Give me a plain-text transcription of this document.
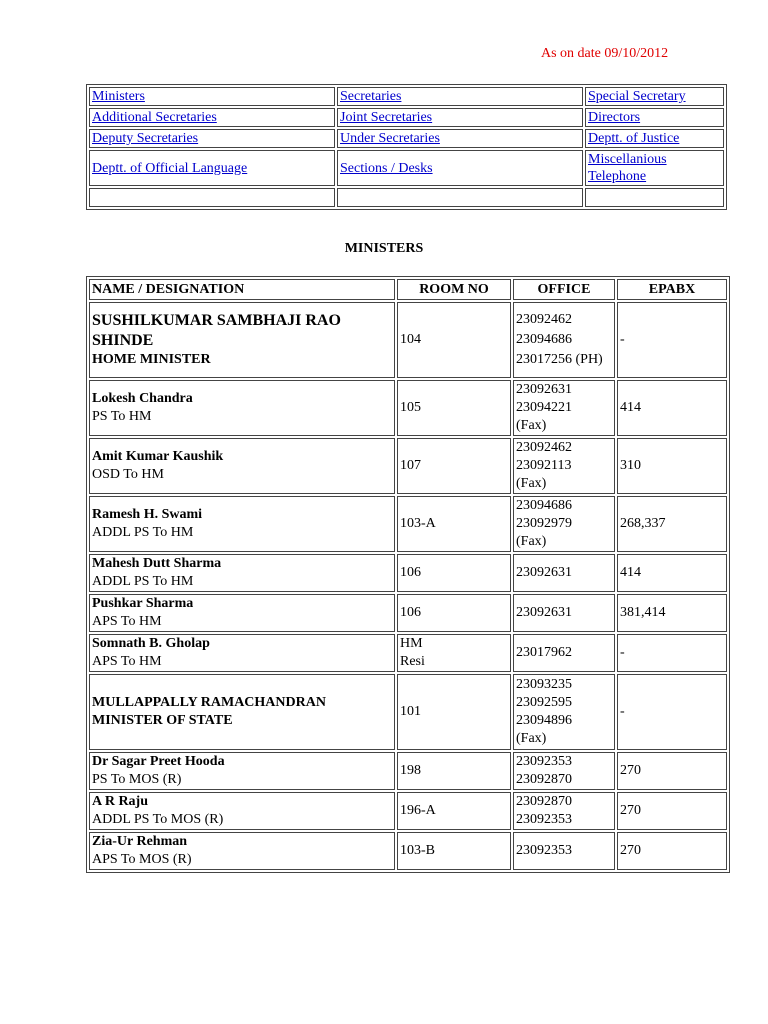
As on date 09/10/2012
Ministers	Secretaries	Special Secretary
Additional Secretaries	Joint Secretaries	Directors
Deputy Secretaries	Under Secretaries	Deptt. of Justice
Deptt. of Official Language	Sections / Desks	Miscellanious Telephone

MINISTERS
NAME / DESIGNATION	ROOM NO	OFFICE	EPABX

SUSHILKUMAR SAMBHAJI RAO SHINDE
HOME MINISTER	104	23092462
23094686
23017256 (PH)	-

Lokesh Chandra
PS To HM	105	23092631
23094221
(Fax)	414

Amit Kumar Kaushik
OSD To HM	107	23092462
23092113
(Fax)	310

Ramesh H. Swami
ADDL PS To HM	103-A	23094686
23092979
(Fax)	268,337

Mahesh Dutt Sharma
ADDL PS To HM	106	23092631	414

Pushkar Sharma
APS To HM	106	23092631	381,414

Somnath B. Gholap
APS To HM	HM Resi	23017962	-

MULLAPPALLY RAMACHANDRAN
MINISTER OF STATE	101	23093235
23092595
23094896
(Fax)	-

Dr Sagar Preet Hooda
PS To MOS (R)	198	23092353
23092870	270

A R Raju
ADDL PS To MOS (R)	196-A	23092870
23092353	270

Zia-Ur Rehman
APS To MOS (R)	103-B	23092353	270
